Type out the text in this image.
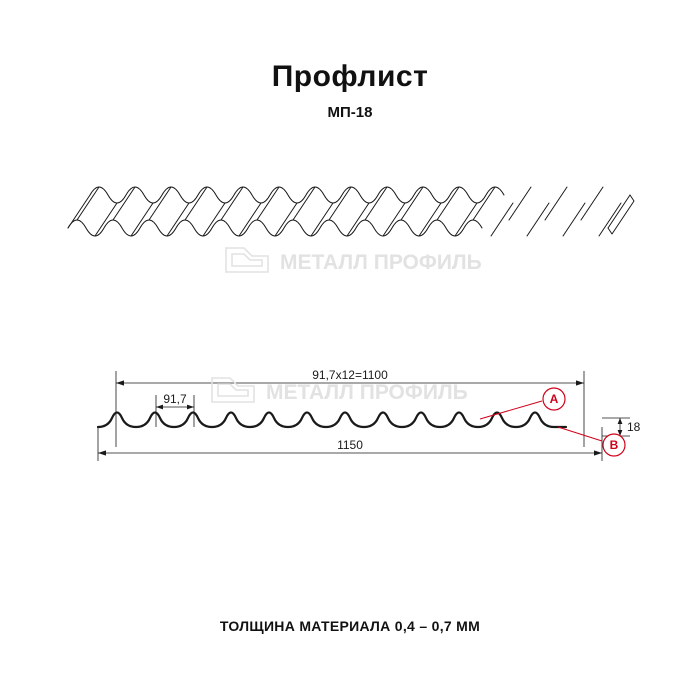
Профлист
МП-18
МЕТАЛЛ ПРОФИЛЬ
91,7x12=1100
91,7
1150
18
A
B
МЕТАЛЛ ПРОФИЛЬ
ТОЛЩИНА МАТЕРИАЛА 0,4 – 0,7 ММ
